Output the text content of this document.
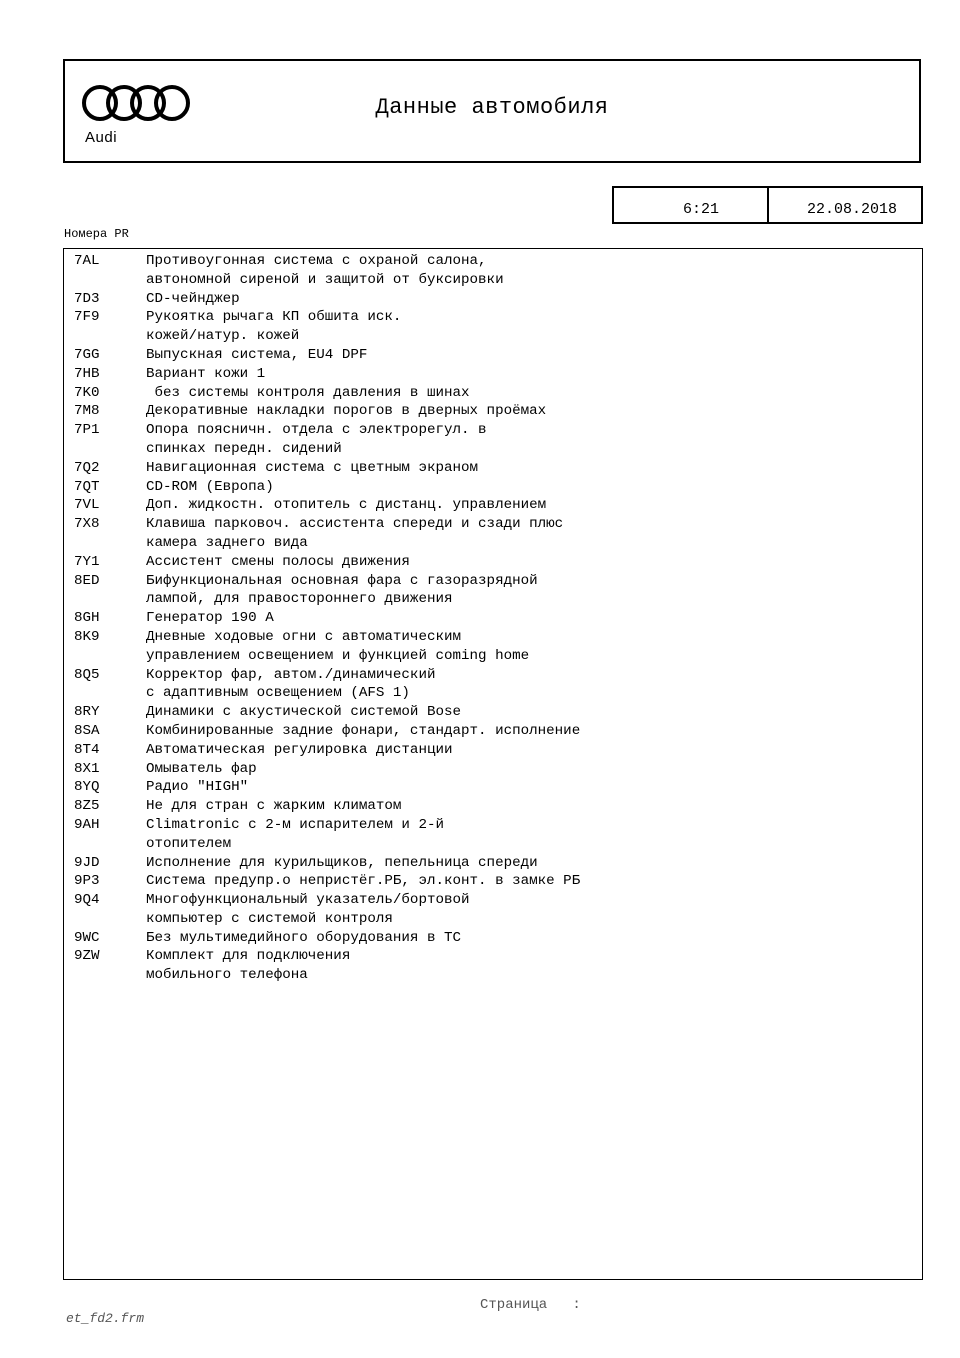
Audi
Данные автомобиля
6:21	22.08.2018
Номера PR
7AL	Противоугонная система с охраной салона,
автономной сиреной и защитой от буксировки
7D3	CD-чейнджер
7F9	Рукоятка рычага КП обшита иск.
кожей/натур. кожей
7GG	Выпускная система, EU4 DPF
7HB	Вариант кожи 1
7K0	без системы контроля давления в шинах
7M8	Декоративные накладки порогов в дверных проёмах
7P1	Опора поясничн. отдела с электрорегул. в
спинках передн. сидений
7Q2	Навигационная система с цветным экраном
7QT	CD-ROM (Европа)
7VL	Доп. жидкостн. отопитель с дистанц. управлением
7X8	Клавиша парковоч. ассистента спереди и сзади плюс
камера заднего вида
7Y1	Ассистент смены полосы движения
8ED	Бифункциональная основная фара с газоразрядной
лампой, для правостороннего движения
8GH	Генератор 190 A
8K9	Дневные ходовые огни с автоматическим
управлением освещением и функцией coming home
8Q5	Корректор фар, автом./динамический
с адаптивным освещением (AFS 1)
8RY	Динамики с акустической системой Bose
8SA	Комбинированные задние фонари, стандарт. исполнение
8T4	Автоматическая регулировка дистанции
8X1	Омыватель фар
8YQ	Радио "HIGH"
8Z5	Не для стран с жарким климатом
9AH	Climatronic с 2-м испарителем и 2-й
отопителем
9JD	Исполнение для курильщиков, пепельница спереди
9P3	Система предупр.о непристёг.РБ, эл.конт. в замке РБ
9Q4	Многофункциональный указатель/бортовой
компьютер с системой контроля
9WC	Без мультимедийного оборудования в ТС
9ZW	Комплект для подключения
мобильного телефона
Страница   :
et_fd2.frm
